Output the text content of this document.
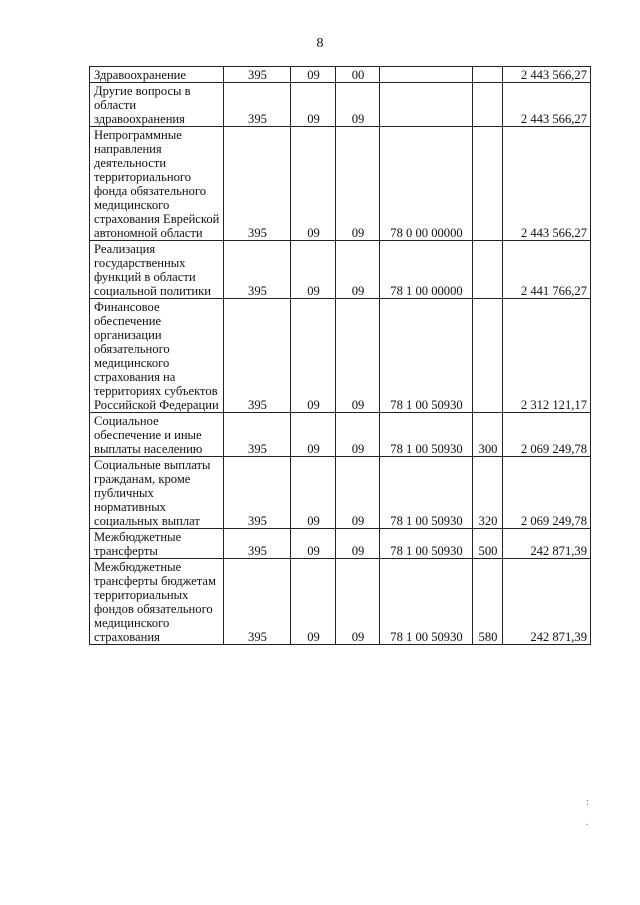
8
Здравоохранение	395	09	00			2 443 566,27
Другие вопросы в области здравоохранения	395	09	09			2 443 566,27
Непрограммные направления деятельности территориального фонда обязательного медицинского страхования Еврейской автономной области	395	09	09	78 0 00 00000		2 443 566,27
Реализация государственных функций в области социальной политики	395	09	09	78 1 00 00000		2 441 766,27
Финансовое обеспечение организации обязательного медицинского страхования на территориях субъектов Российской Федерации	395	09	09	78 1 00 50930		2 312 121,17
Социальное обеспечение и иные выплаты населению	395	09	09	78 1 00 50930	300	2 069 249,78
Социальные выплаты гражданам, кроме публичных нормативных социальных выплат	395	09	09	78 1 00 50930	320	2 069 249,78
Межбюджетные трансферты	395	09	09	78 1 00 50930	500	242 871,39
Межбюджетные трансферты бюджетам территориальных фондов обязательного медицинского страхования	395	09	09	78 1 00 50930	580	242 871,39
:
.
